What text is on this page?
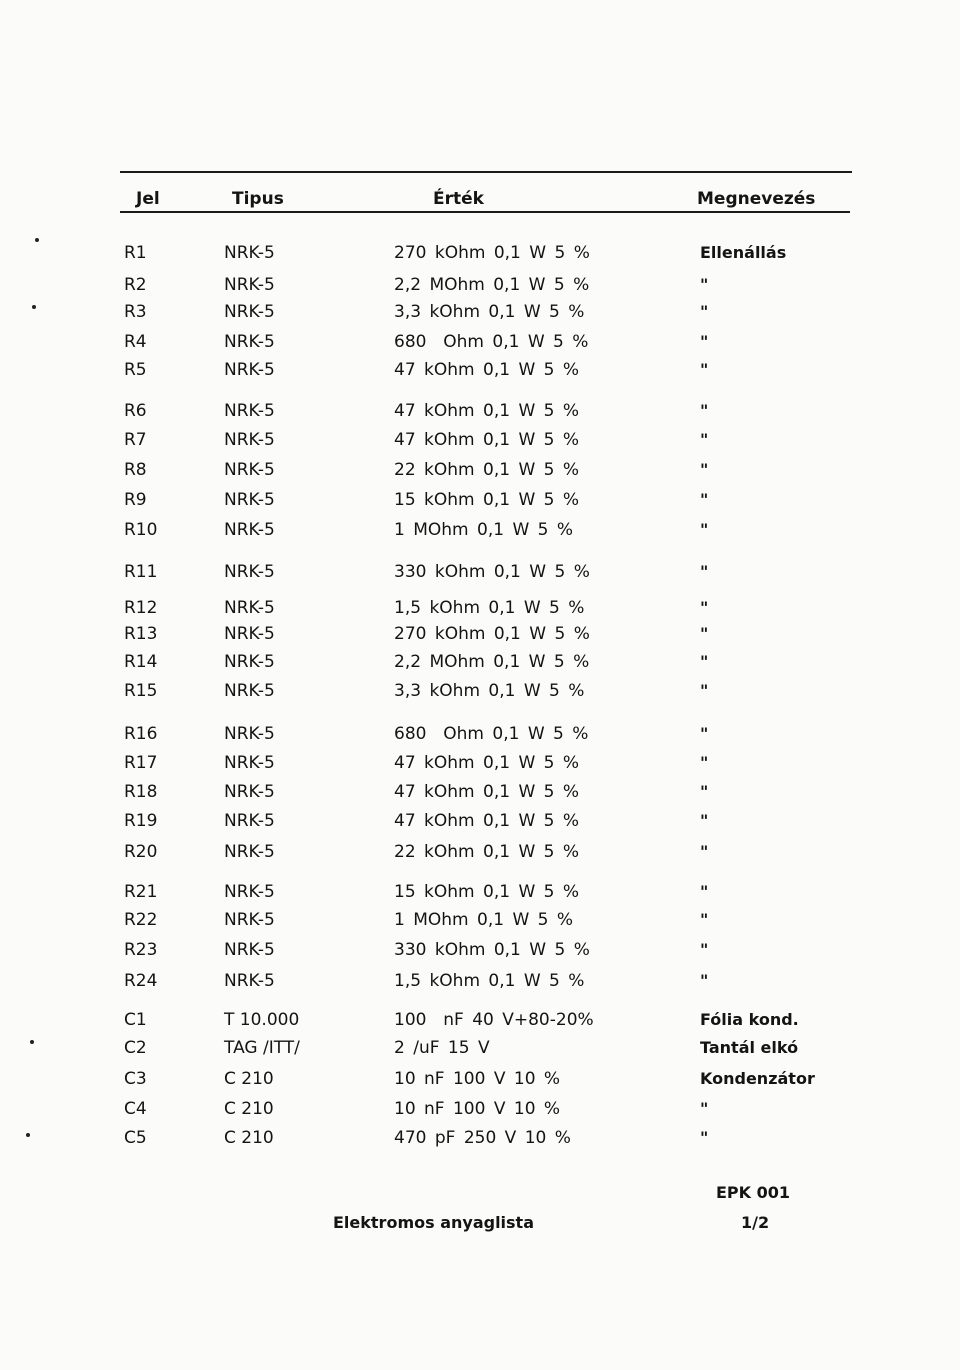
Jel	Tipus	Érték	Megnevezés
R1	NRK-5	270 kOhm 0,1 W 5 %	Ellenállás
R2	NRK-5	2,2 MOhm 0,1 W 5 %	"
R3	NRK-5	3,3 kOhm 0,1 W 5 %	"
R4	NRK-5	680  Ohm 0,1 W 5 %	"
R5	NRK-5	47 kOhm 0,1 W 5 %	"
R6	NRK-5	47 kOhm 0,1 W 5 %	"
R7	NRK-5	47 kOhm 0,1 W 5 %	"
R8	NRK-5	22 kOhm 0,1 W 5 %	"
R9	NRK-5	15 kOhm 0,1 W 5 %	"
R10	NRK-5	1 MOhm 0,1 W 5 %	"
R11	NRK-5	330 kOhm 0,1 W 5 %	"
R12	NRK-5	1,5 kOhm 0,1 W 5 %	"
R13	NRK-5	270 kOhm 0,1 W 5 %	"
R14	NRK-5	2,2 MOhm 0,1 W 5 %	"
R15	NRK-5	3,3 kOhm 0,1 W 5 %	"
R16	NRK-5	680  Ohm 0,1 W 5 %	"
R17	NRK-5	47 kOhm 0,1 W 5 %	"
R18	NRK-5	47 kOhm 0,1 W 5 %	"
R19	NRK-5	47 kOhm 0,1 W 5 %	"
R20	NRK-5	22 kOhm 0,1 W 5 %	"
R21	NRK-5	15 kOhm 0,1 W 5 %	"
R22	NRK-5	1 MOhm 0,1 W 5 %	"
R23	NRK-5	330 kOhm 0,1 W 5 %	"
R24	NRK-5	1,5 kOhm 0,1 W 5 %	"
C1	T 10.000	100  nF 40 V+80-20%	Fólia kond.
C2	TAG /ITT/	2 /uF 15 V	Tantál elkó
C3	C 210	10 nF 100 V 10 %	Kondenzátor
C4	C 210	10 nF 100 V 10 %	"
C5	C 210	470 pF 250 V 10 %	"
EPK 001
Elektromos anyaglista	1/2
